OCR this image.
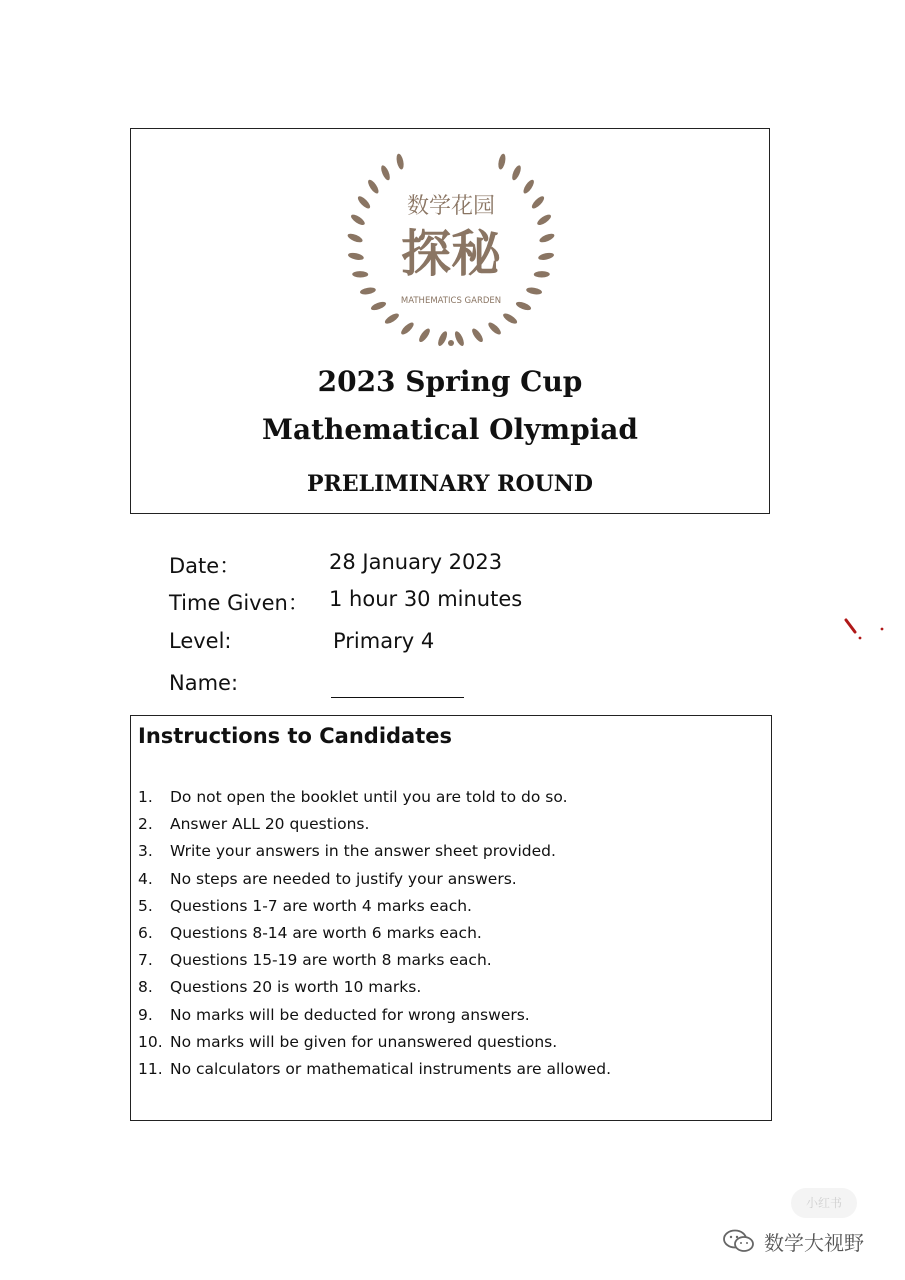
数学花园
探秘
MATHEMATICS GARDEN
2023 Spring Cup
Mathematical Olympiad
PRELIMINARY ROUND
Date：	28 January 2023
Time Given： 1 hour 30 minutes
Level:	Primary 4
Name:
Instructions to Candidates
1. Do not open the booklet until you are told to do so.
2. Answer ALL 20 questions.
3. Write your answers in the answer sheet provided.
4. No steps are needed to justify your answers.
5. Questions 1-7 are worth 4 marks each.
6. Questions 8-14 are worth 6 marks each.
7. Questions 15-19 are worth 8 marks each.
8. Questions 20 is worth 10 marks.
9. No marks will be deducted for wrong answers.
10. No marks will be given for unanswered questions.
11. No calculators or mathematical instruments are allowed.
小红书
数学大视野
